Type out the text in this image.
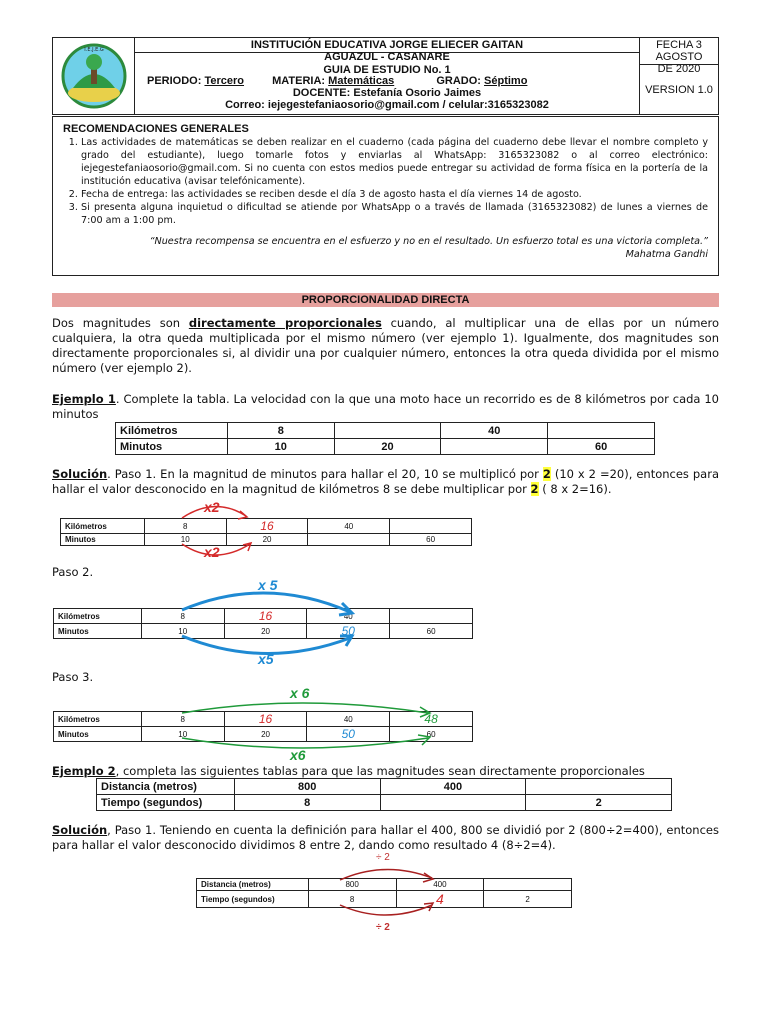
I.E.J.E.G	INSTITUCIÓN EDUCATIVA JORGE ELIECER GAITAN
AGUAZUL - CASANARE
GUIA DE ESTUDIO No. 1
PERIODO: Tercero	MATERIA: Matemáticas	GRADO: Séptimo
DOCENTE: Estefanía Osorio Jaimes
Correo: iejegestefaniaosorio@gmail.com / celular:3165323082
FECHA 3 AGOSTO
DE 2020
VERSION 1.0
RECOMENDACIONES GENERALES
1. Las actividades de matemáticas se deben realizar en el cuaderno (cada página del cuaderno debe llevar el nombre completo y grado del estudiante), luego tomarle fotos y enviarlas al WhatsApp: 3165323082 o al correo electrónico: iejegestefaniaosorio@gmail.com. Si no cuenta con estos medios puede entregar su actividad de forma física en la portería de la institución educativa (avisar telefónicamente).
2. Fecha de entrega: las actividades se reciben desde el día 3 de agosto hasta el día viernes 14 de agosto.
3. Si presenta alguna inquietud o dificultad se atiende por WhatsApp o a través de llamada (3165323082) de lunes a viernes de 7:00 am a 1:00 pm.
“Nuestra recompensa se encuentra en el esfuerzo y no en el resultado. Un esfuerzo total es una victoria completa.”
Mahatma Gandhi
PROPORCIONALIDAD DIRECTA
Dos magnitudes son directamente proporcionales cuando, al multiplicar una de ellas por un número cualquiera, la otra queda multiplicada por el mismo número (ver ejemplo 1). Igualmente, dos magnitudes son directamente proporcionales si, al dividir una por cualquier número, entonces la otra queda dividida por el mismo número (ver ejemplo 2).
Ejemplo 1. Complete la tabla. La velocidad con la que una moto hace un recorrido es de 8 kilómetros por cada 10 minutos
Kilómetros	8		40	
Minutos	10	20		60
Solución. Paso 1. En la magnitud de minutos para hallar el 20, 10 se multiplicó por 2 (10 x 2 =20), entonces para hallar el valor desconocido en la magnitud de kilómetros 8 se debe multiplicar por 2 ( 8 x 2=16).
Kilómetros	8	16	40	
Minutos	10	20		60
x2
x2
Paso 2.
Kilómetros	8	16	40	
Minutos	10	20	50	60
x 5
x5
Paso 3.
Kilómetros	8	16	40	48
Minutos	10	20	50	60
x 6
x6
Ejemplo 2, completa las siguientes tablas para que las magnitudes sean directamente proporcionales
Distancia (metros)	800	400	
Tiempo (segundos)	8		2
Solución, Paso 1. Teniendo en cuenta la definición para hallar el 400, 800 se dividió por 2 (800÷2=400), entonces para hallar el valor desconocido dividimos 8 entre 2, dando como resultado 4 (8÷2=4).
Distancia (metros)	800	400	
Tiempo (segundos)	8	4	2
÷ 2
÷ 2
